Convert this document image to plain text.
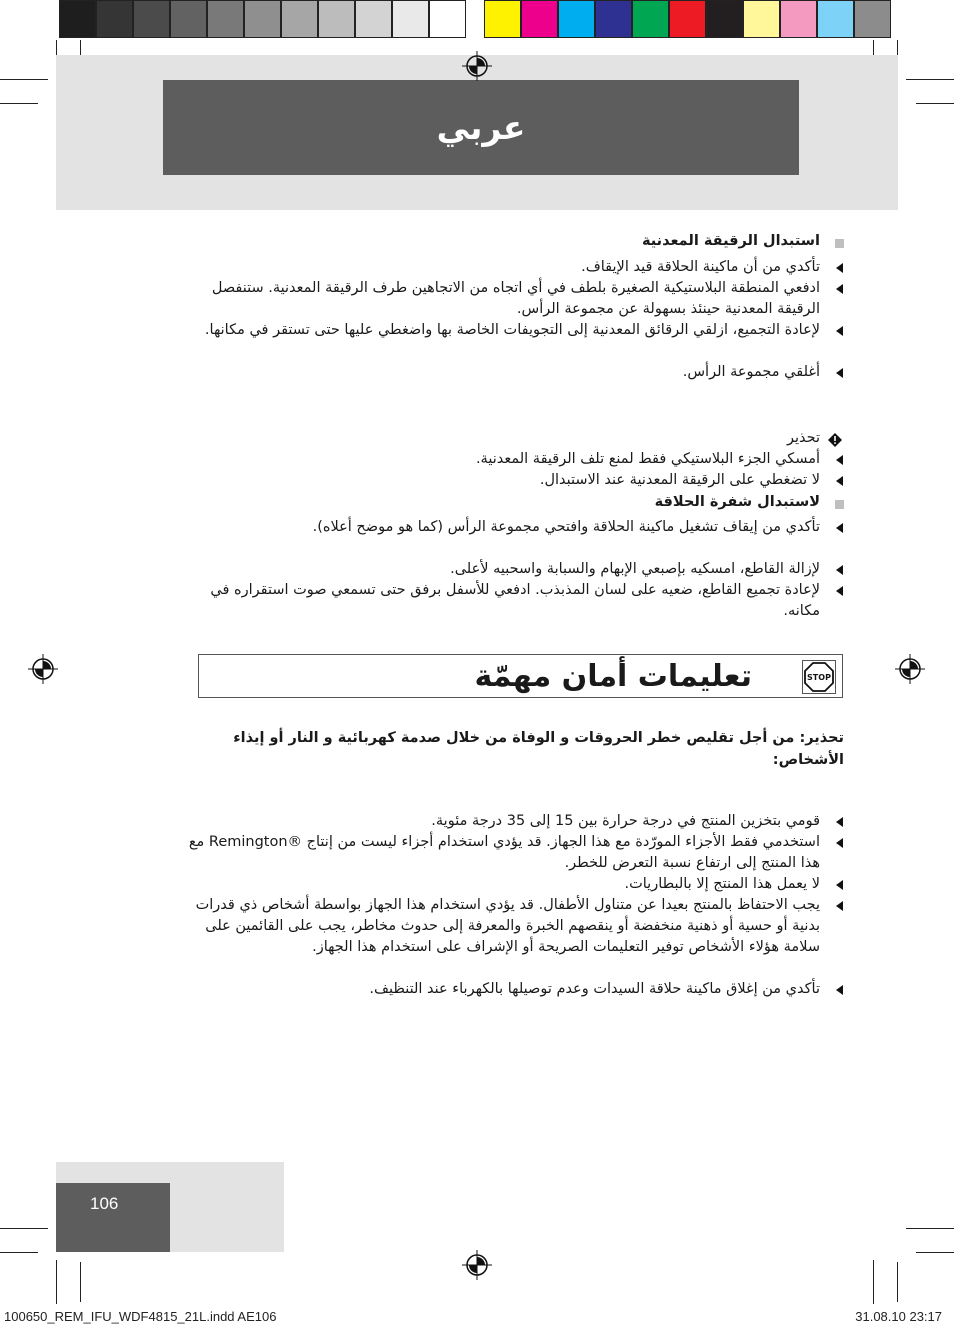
عربي
استبدال الرقيقة المعدنية
تأكدي من أن ماكينة الحلاقة قيد الإيقاف.
ادفعي المنطقة البلاستيكية الصغيرة بلطف في أي اتجاه من الاتجاهين طرف الرقيقة المعدنية. ستنفصل الرقيقة المعدنية حينئذ بسهولة عن مجموعة الرأس.
لإعادة التجميع، ازلقي الرقائق المعدنية إلى التجويفات الخاصة بها واضغطي عليها حتى تستقر في مكانها.
أغلقي مجموعة الرأس.
تحذير
أمسكي الجزء البلاستيكي فقط لمنع تلف الرقيقة المعدنية.
لا تضغطي على الرقيقة المعدنية عند الاستبدال.
لاستبدال شفرة الحلاقة
تأكدي من إيقاف تشغيل ماكينة الحلاقة وافتحي مجموعة الرأس (كما هو موضح أعلاه).
لإزالة القاطع، امسكيه بإصبعي الإبهام والسبابة واسحبيه لأعلى.
لإعادة تجميع القاطع، ضعيه على لسان المذبذب. ادفعي للأسفل برفق حتى تسمعي صوت استقراره في مكانه.
STOP
تعليمات أمان مهمّة
تحذير: من أجل تقليص خطر الحروقات و الوفاة من خلال صدمة كهربائية و النار أو إيذاء الأشخاص:
قومي بتخزين المنتج في درجة حرارة بين 15 إلى 35 درجة مئوية.
استخدمي فقط الأجزاء المورّدة مع هذا الجهاز. قد يؤدي استخدام أجزاء ليست من إنتاج ®Remington مع هذا المنتج إلى ارتفاع نسبة التعرض للخطر.
لا يعمل هذا المنتج إلا بالبطاريات.
يجب الاحتفاظ بالمنتج بعيدا عن متناول الأطفال. قد يؤدي استخدام هذا الجهاز بواسطة أشخاص ذي قدرات بدنية أو حسية أو ذهنية منخفضة أو ينقصهم الخبرة والمعرفة إلى حدوث مخاطر، يجب على القائمين على سلامة هؤلاء الأشخاص توفير التعليمات الصريحة أو الإشراف على استخدام هذا الجهاز.
تأكدي من إغلاق ماكينة حلاقة السيدات وعدم توصيلها بالكهرباء عند التنظيف.
106
100650_REM_IFU_WDF4815_21L.indd AE106	31.08.10 23:17
